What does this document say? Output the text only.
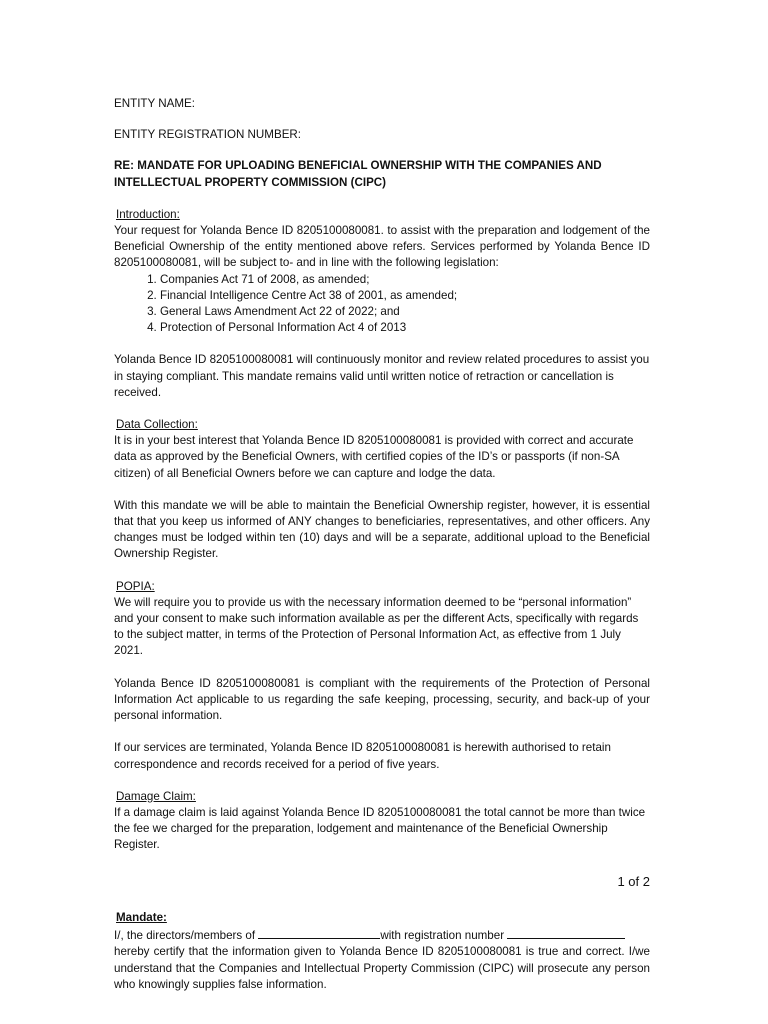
ENTITY NAME:

ENTITY REGISTRATION NUMBER:

RE: MANDATE FOR UPLOADING BENEFICIAL OWNERSHIP WITH THE COMPANIES AND
INTELLECTUAL PROPERTY COMMISSION (CIPC)
Introduction:

Your request for Yolanda Bence ID 8205100080081. to assist with the preparation and lodgement of the Beneficial Ownership of the entity mentioned above refers. Services performed by Yolanda Bence ID 8205100080081, will be subject to- and in line with the following legislation:

1. Companies Act 71 of 2008, as amended;
2. Financial Intelligence Centre Act 38 of 2001, as amended;
3. General Laws Amendment Act 22 of 2022; and
4. Protection of Personal Information Act 4 of 2013

Yolanda Bence ID 8205100080081 will continuously monitor and review related procedures to assist you in staying compliant. This mandate remains valid until written notice of retraction or cancellation is received.

Data Collection:

It is in your best interest that Yolanda Bence ID 8205100080081 is provided with correct and accurate data as approved by the Beneficial Owners, with certified copies of the ID’s or passports (if non-SA citizen) of all Beneficial Owners before we can capture and lodge the data.

With this mandate we will be able to maintain the Beneficial Ownership register, however, it is essential that that you keep us informed of ANY changes to beneficiaries, representatives, and other officers. Any changes must be lodged within ten (10) days and will be a separate, additional upload to the Beneficial Ownership Register.

POPIA:

We will require you to provide us with the necessary information deemed to be “personal information” and your consent to make such information available as per the different Acts, specifically with regards to the subject matter, in terms of the Protection of Personal Information Act, as effective from 1 July 2021.

Yolanda Bence ID 8205100080081 is compliant with the requirements of the Protection of Personal Information Act applicable to us regarding the safe keeping, processing, security, and back-up of your personal information.

If our services are terminated, Yolanda Bence ID 8205100080081 is herewith authorised to retain correspondence and records received for a period of five years.

Damage Claim:

If a damage claim is laid against Yolanda Bence ID 8205100080081 the total cannot be more than twice the fee we charged for the preparation, lodgement and maintenance of the Beneficial Ownership Register.

1 of 2
Mandate:
I/, the directors/members of	with registration number

hereby certify that the information given to Yolanda Bence ID 8205100080081 is true and correct. I/we understand that the Companies and Intellectual Property Commission (CIPC) will prosecute any person who knowingly supplies false information.
